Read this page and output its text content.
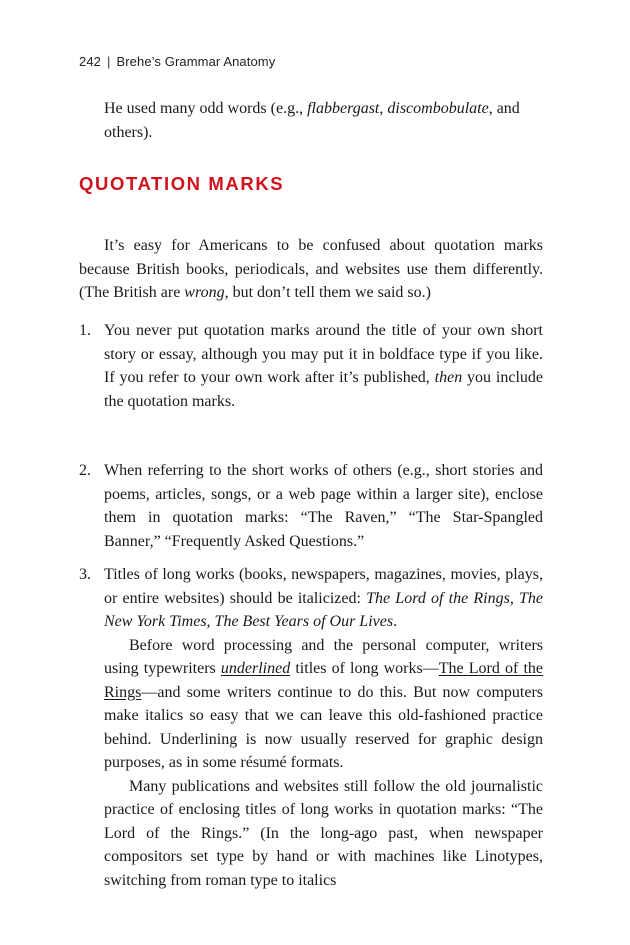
242 | Brehe’s Grammar Anatomy
He used many odd words (e.g., flabbergast, discombobulate, and others).
QUOTATION MARKS
It’s easy for Americans to be confused about quotation marks because British books, periodicals, and websites use them differently. (The British are wrong, but don’t tell them we said so.)
1. You never put quotation marks around the title of your own short story or essay, although you may put it in boldface type if you like. If you refer to your own work after it’s published, then you include the quotation marks.
2. When referring to the short works of others (e.g., short stories and poems, articles, songs, or a web page within a larger site), enclose them in quotation marks: “The Raven,” “The Star-Spangled Banner,” “Frequently Asked Questions.”
3. Titles of long works (books, newspapers, magazines, movies, plays, or entire websites) should be italicized: The Lord of the Rings, The New York Times, The Best Years of Our Lives.

Before word processing and the personal computer, writers using typewriters underlined titles of long works—The Lord of the Rings—and some writers continue to do this. But now computers make italics so easy that we can leave this old-fashioned practice behind. Underlining is now usually reserved for graphic design purposes, as in some résumé formats.

Many publications and websites still follow the old journalistic practice of enclosing titles of long works in quotation marks: “The Lord of the Rings.” (In the long-ago past, when newspaper compositors set type by hand or with machines like Linotypes, switching from roman type to italics
